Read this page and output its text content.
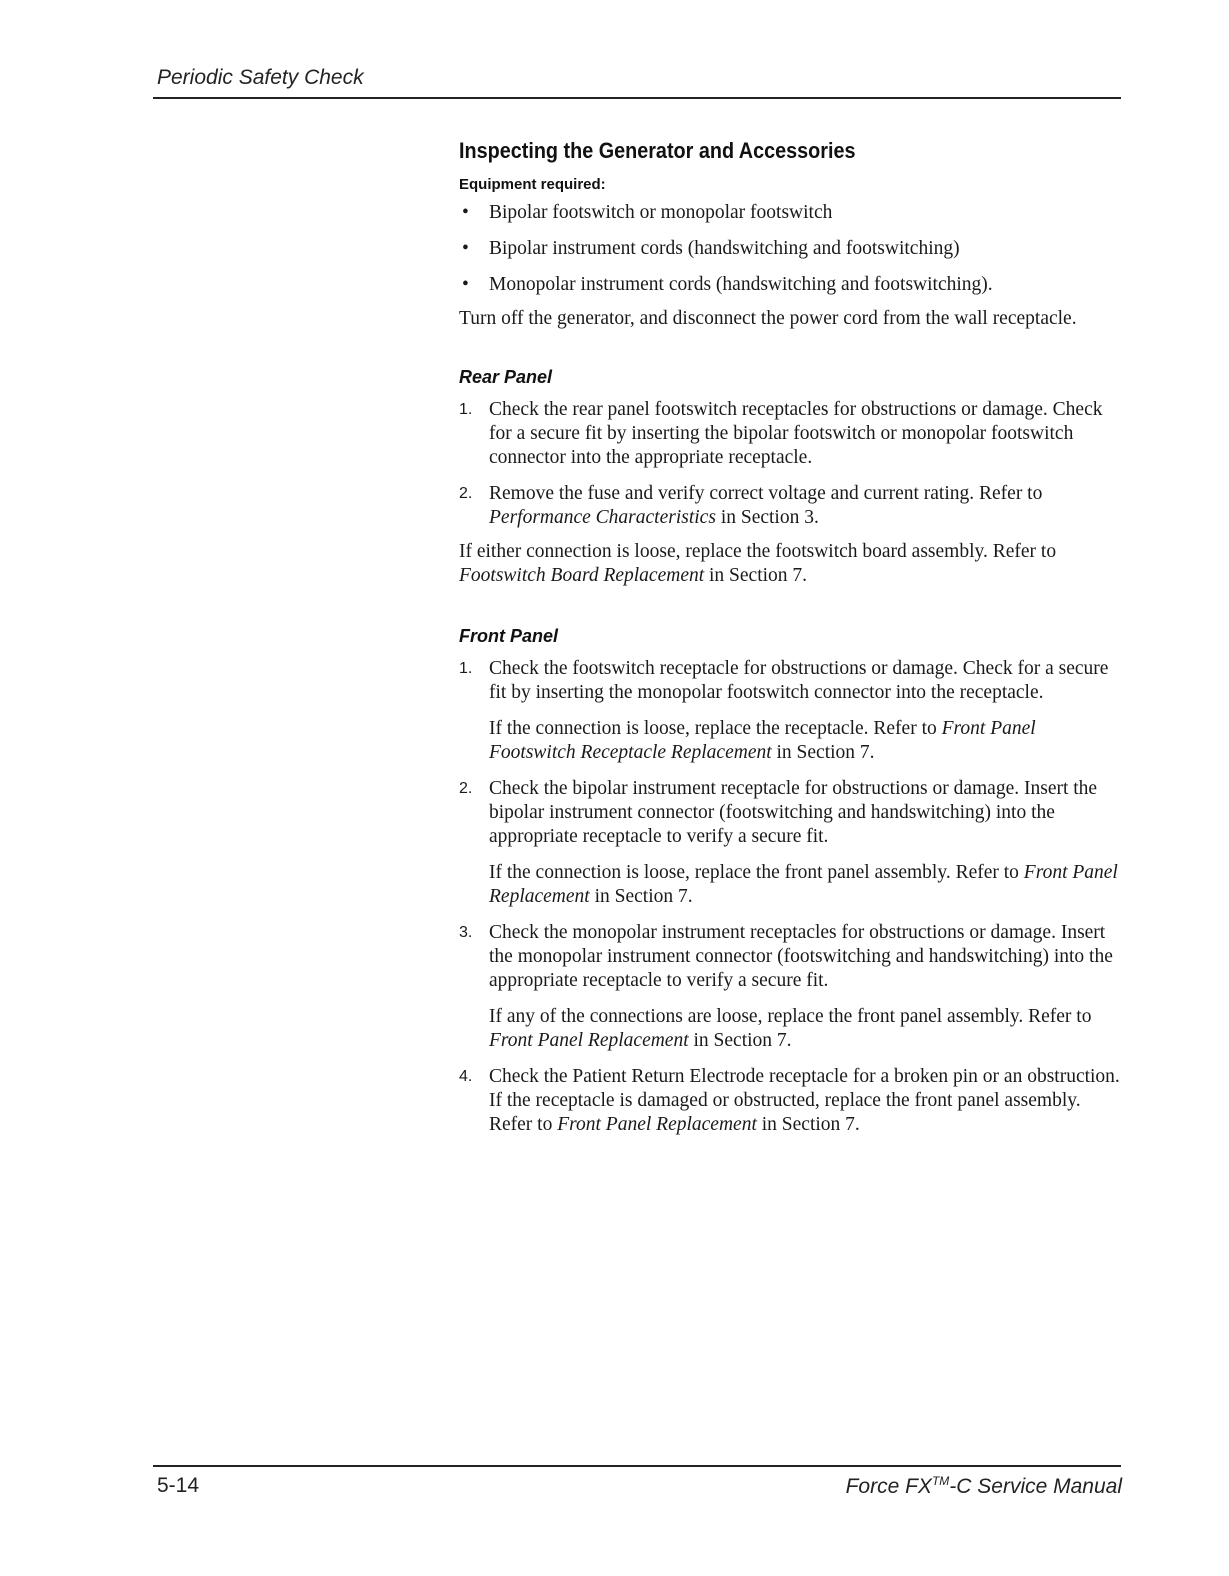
Periodic Safety Check
Inspecting the Generator and Accessories
Equipment required:
• Bipolar footswitch or monopolar footswitch
• Bipolar instrument cords (handswitching and footswitching)
• Monopolar instrument cords (handswitching and footswitching).

Turn off the generator, and disconnect the power cord from the wall receptacle.

Rear Panel
1. Check the rear panel footswitch receptacles for obstructions or damage. Check for a secure fit by inserting the bipolar footswitch or monopolar footswitch connector into the appropriate receptacle.
2. Remove the fuse and verify correct voltage and current rating. Refer to Performance Characteristics in Section 3.

If either connection is loose, replace the footswitch board assembly. Refer to Footswitch Board Replacement in Section 7.

Front Panel
1. Check the footswitch receptacle for obstructions or damage. Check for a secure fit by inserting the monopolar footswitch connector into the receptacle.
If the connection is loose, replace the receptacle. Refer to Front Panel Footswitch Receptacle Replacement in Section 7.
2. Check the bipolar instrument receptacle for obstructions or damage. Insert the bipolar instrument connector (footswitching and handswitching) into the appropriate receptacle to verify a secure fit.
If the connection is loose, replace the front panel assembly. Refer to Front Panel Replacement in Section 7.
3. Check the monopolar instrument receptacles for obstructions or damage. Insert the monopolar instrument connector (footswitching and handswitching) into the appropriate receptacle to verify a secure fit.
If any of the connections are loose, replace the front panel assembly. Refer to Front Panel Replacement in Section 7.
4. Check the Patient Return Electrode receptacle for a broken pin or an obstruction. If the receptacle is damaged or obstructed, replace the front panel assembly. Refer to Front Panel Replacement in Section 7.
5-14	Force FX™-C Service Manual
